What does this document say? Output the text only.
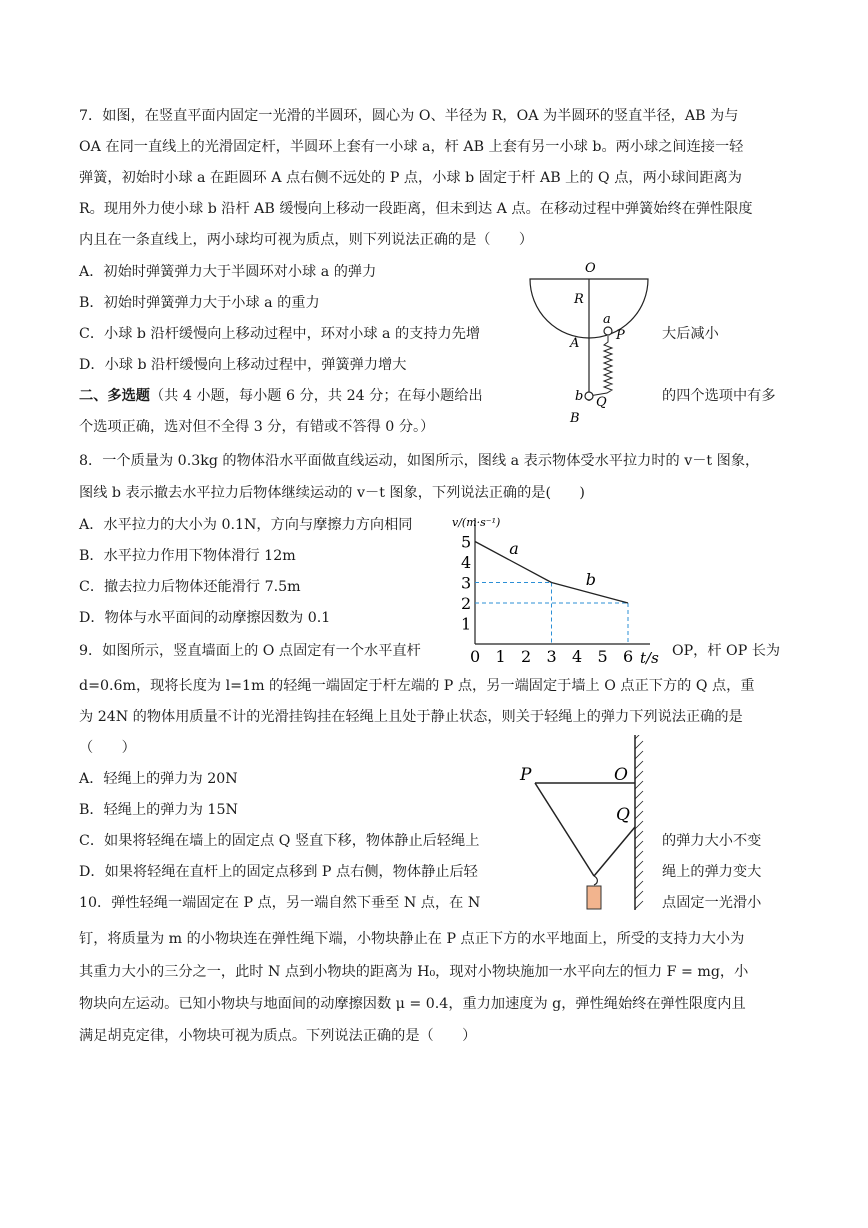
7．如图，在竖直平面内固定一光滑的半圆环，圆心为 O、半径为 R，OA 为半圆环的竖直半径，AB 为与
OA 在同一直线上的光滑固定杆，半圆环上套有一小球 a，杆 AB 上套有另一小球 b。两小球之间连接一轻
弹簧，初始时小球 a 在距圆环 A 点右侧不远处的 P 点，小球 b 固定于杆 AB 上的 Q 点，两小球间距离为
R。现用外力使小球 b 沿杆 AB 缓慢向上移动一段距离，但未到达 A 点。在移动过程中弹簧始终在弹性限度
内且在一条直线上，两小球均可视为质点，则下列说法正确的是（　　）
A．初始时弹簧弹力大于半圆环对小球 a 的弹力
B．初始时弹簧弹力大于小球 a 的重力
C．小球 b 沿杆缓慢向上移动过程中，环对小球 a 的支持力先增	大后减小
D．小球 b 沿杆缓慢向上移动过程中，弹簧弹力增大
二、多选题（共 4 小题，每小题 6 分，共 24 分；在每小题给出	的四个选项中有多
个选项正确，选对但不全得 3 分，有错或不答得 0 分。）
8．一个质量为 0.3kg 的物体沿水平面做直线运动，如图所示，图线 a 表示物体受水平拉力时的 v－t 图象，
图线 b 表示撤去水平拉力后物体继续运动的 v－t 图象，下列说法正确的是(　　)
A．水平拉力的大小为 0.1N，方向与摩擦力方向相同
B．水平拉力作用下物体滑行 12m
C．撤去拉力后物体还能滑行 7.5m
D．物体与水平面间的动摩擦因数为 0.1
9．如图所示，竖直墙面上的 O 点固定有一个水平直杆	OP，杆 OP 长为
d=0.6m，现将长度为 l=1m 的轻绳一端固定于杆左端的 P 点，另一端固定于墙上 O 点正下方的 Q 点，重
为 24N 的物体用质量不计的光滑挂钩挂在轻绳上且处于静止状态，则关于轻绳上的弹力下列说法正确的是
（　　）
A．轻绳上的弹力为 20N
B．轻绳上的弹力为 15N
C．如果将轻绳在墙上的固定点 Q 竖直下移，物体静止后轻绳上	的弹力大小不变
D．如果将轻绳在直杆上的固定点移到 P 点右侧，物体静止后轻	绳上的弹力变大
10．弹性轻绳一端固定在 P 点，另一端自然下垂至 N 点，在 N	点固定一光滑小
钉，将质量为 m 的小物块连在弹性绳下端，小物块静止在 P 点正下方的水平地面上，所受的支持力大小为
其重力大小的三分之一，此时 N 点到小物块的距离为 H₀，现对小物块施加一水平向左的恒力 F = mg，小
物块向左运动。已知小物块与地面间的动摩擦因数 μ = 0.4，重力加速度为 g，弹性绳始终在弹性限度内且
满足胡克定律，小物块可视为质点。下列说法正确的是（　　）
O
R
a
P
A
b Q
B
v/(m·s⁻¹)
t/s
0 1 2 3 4 5 6
1
2
3
4
5 a
b
P	O
Q
